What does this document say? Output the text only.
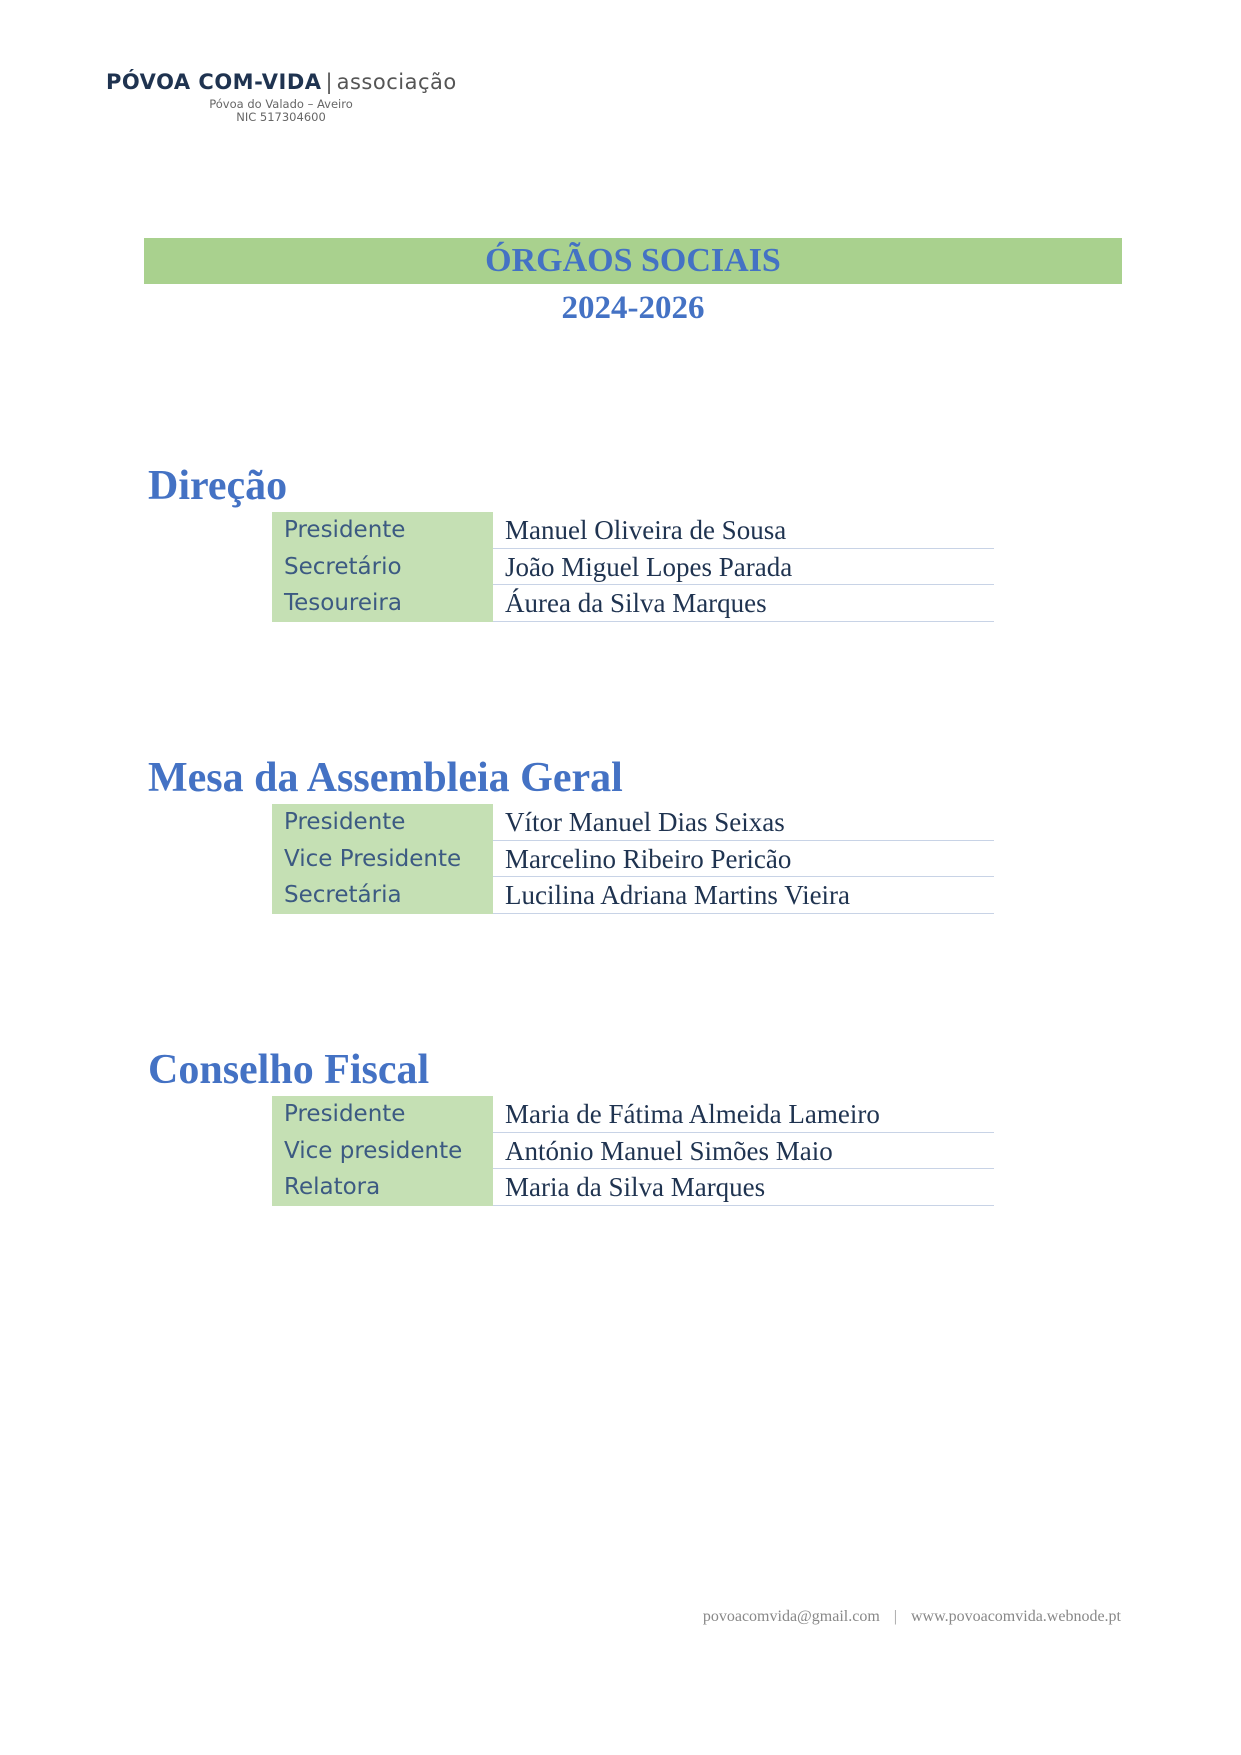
PÓVOA COM-VIDA | associação
Póvoa do Valado – Aveiro
NIC 517304600
ÓRGÃOS SOCIAIS
2024-2026
Direção
Presidente	Manuel Oliveira de Sousa
Secretário	João Miguel Lopes Parada
Tesoureira	Áurea da Silva Marques
Mesa da Assembleia Geral
Presidente	Vítor Manuel Dias Seixas
Vice Presidente	Marcelino Ribeiro Pericão
Secretária	Lucilina Adriana Martins Vieira
Conselho Fiscal
Presidente	Maria de Fátima Almeida Lameiro
Vice presidente	António Manuel Simões Maio
Relatora	Maria da Silva Marques
povoacomvida@gmail.com | www.povoacomvida.webnode.pt
